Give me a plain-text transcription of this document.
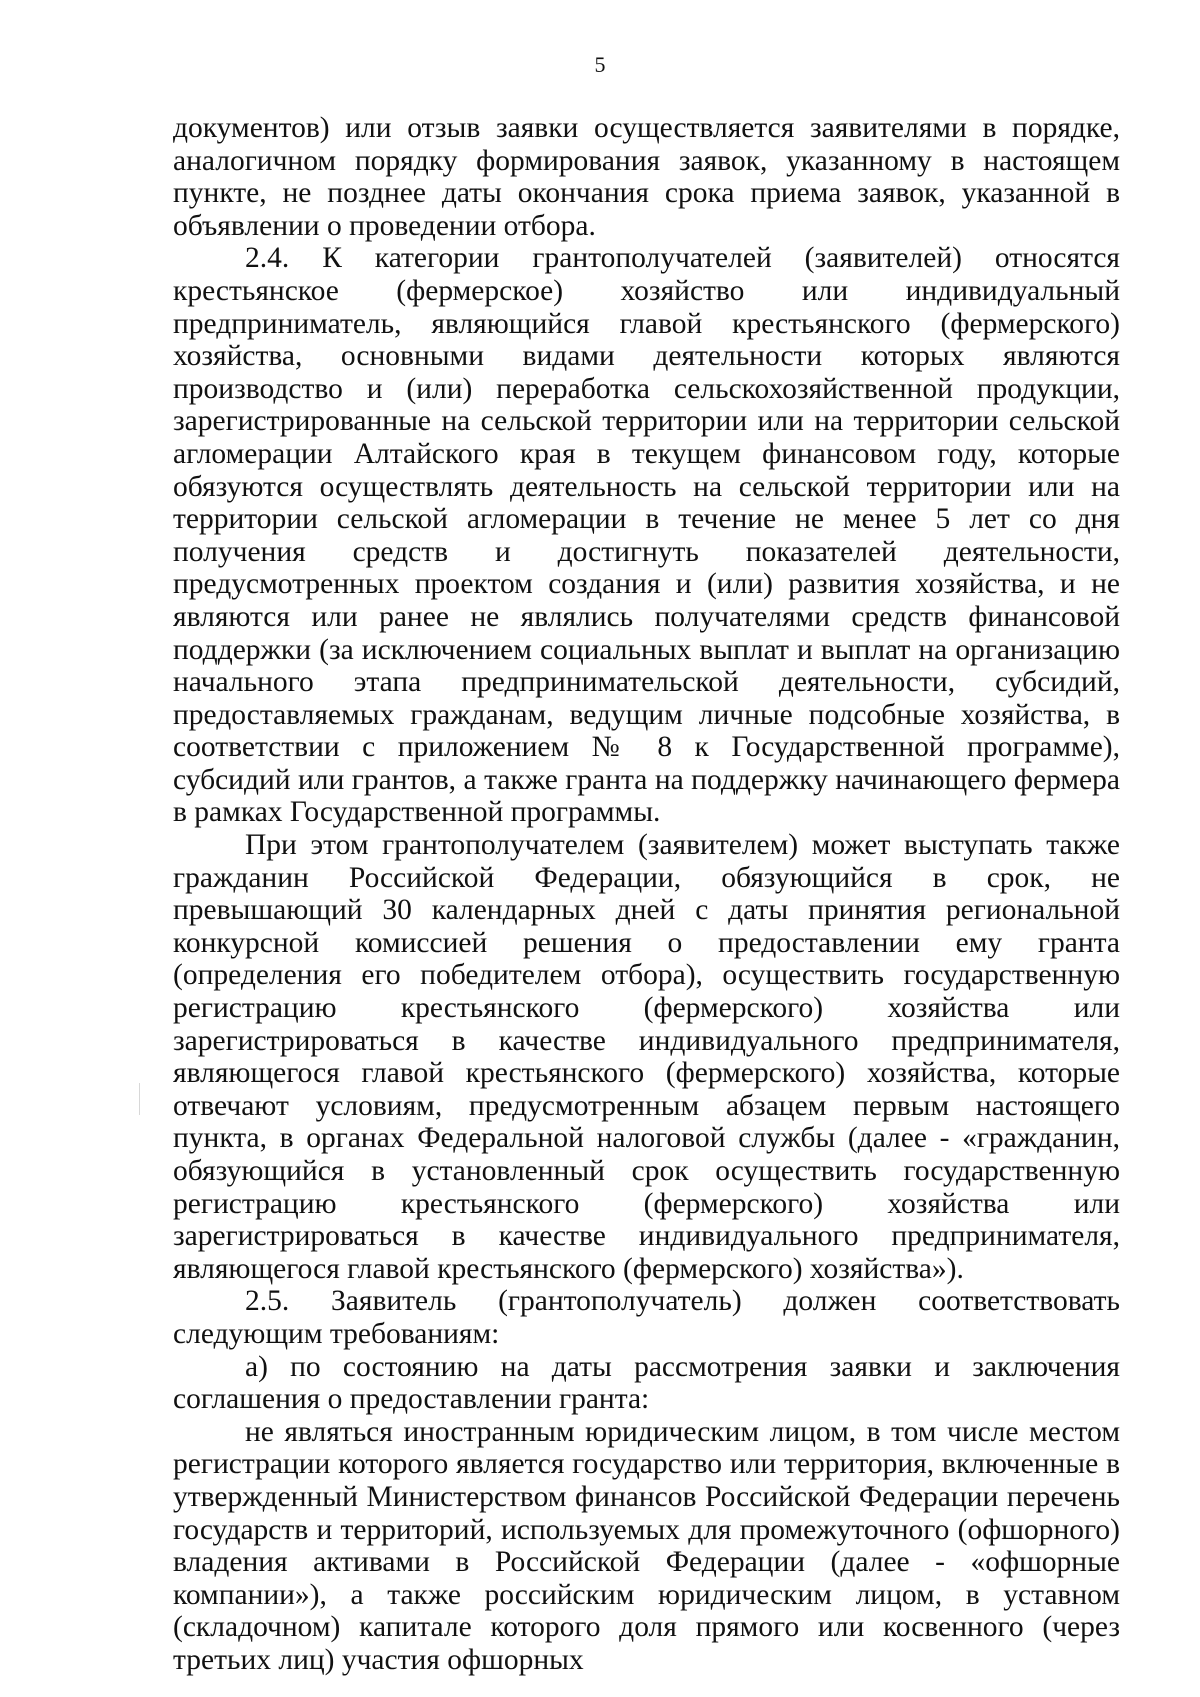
5

документов) или отзыв заявки осуществляется заявителями в порядке, аналогичном порядку формирования заявок, указанному в настоящем пункте, не позднее даты окончания срока приема заявок, указанной в объявлении о проведении отбора.

2.4. К категории грантополучателей (заявителей) относятся крестьянское (фермерское) хозяйство или индивидуальный предприниматель, являющийся главой крестьянского (фермерского) хозяйства, основными видами деятельности которых являются производство и (или) переработка сельскохозяйственной продукции, зарегистрированные на сельской территории или на территории сельской агломерации Алтайского края в текущем финансовом году, которые обязуются осуществлять деятельность на сельской территории или на территории сельской агломерации в течение не менее 5 лет со дня получения средств и достигнуть показателей деятельности, предусмотренных проектом создания и (или) развития хозяйства, и не являются или ранее не являлись получателями средств финансовой поддержки (за исключением социальных выплат и выплат на организацию начального этапа предпринимательской деятельности, субсидий, предоставляемых гражданам, ведущим личные подсобные хозяйства, в соответствии с приложением № 8 к Государственной программе), субсидий или грантов, а также гранта на поддержку начинающего фермера в рамках Государственной программы.

При этом грантополучателем (заявителем) может выступать также гражданин Российской Федерации, обязующийся в срок, не превышающий 30 календарных дней с даты принятия региональной конкурсной комиссией решения о предоставлении ему гранта (определения его победителем отбора), осуществить государственную регистрацию крестьянского (фермерского) хозяйства или зарегистрироваться в качестве индивидуального предпринимателя, являющегося главой крестьянского (фермерского) хозяйства, которые отвечают условиям, предусмотренным абзацем первым настоящего пункта, в органах Федеральной налоговой службы (далее - «гражданин, обязующийся в установленный срок осуществить государственную регистрацию крестьянского (фермерского) хозяйства или зарегистрироваться в качестве индивидуального предпринимателя, являющегося главой крестьянского (фермерского) хозяйства»).

2.5. Заявитель (грантополучатель) должен соответствовать следующим требованиям:

а) по состоянию на даты рассмотрения заявки и заключения соглашения о предоставлении гранта:

не являться иностранным юридическим лицом, в том числе местом регистрации которого является государство или территория, включенные в утвержденный Министерством финансов Российской Федерации перечень государств и территорий, используемых для промежуточного (офшорного) владения активами в Российской Федерации (далее - «офшорные компании»), а также российским юридическим лицом, в уставном (складочном) капитале которого доля прямого или косвенного (через третьих лиц) участия офшорных
